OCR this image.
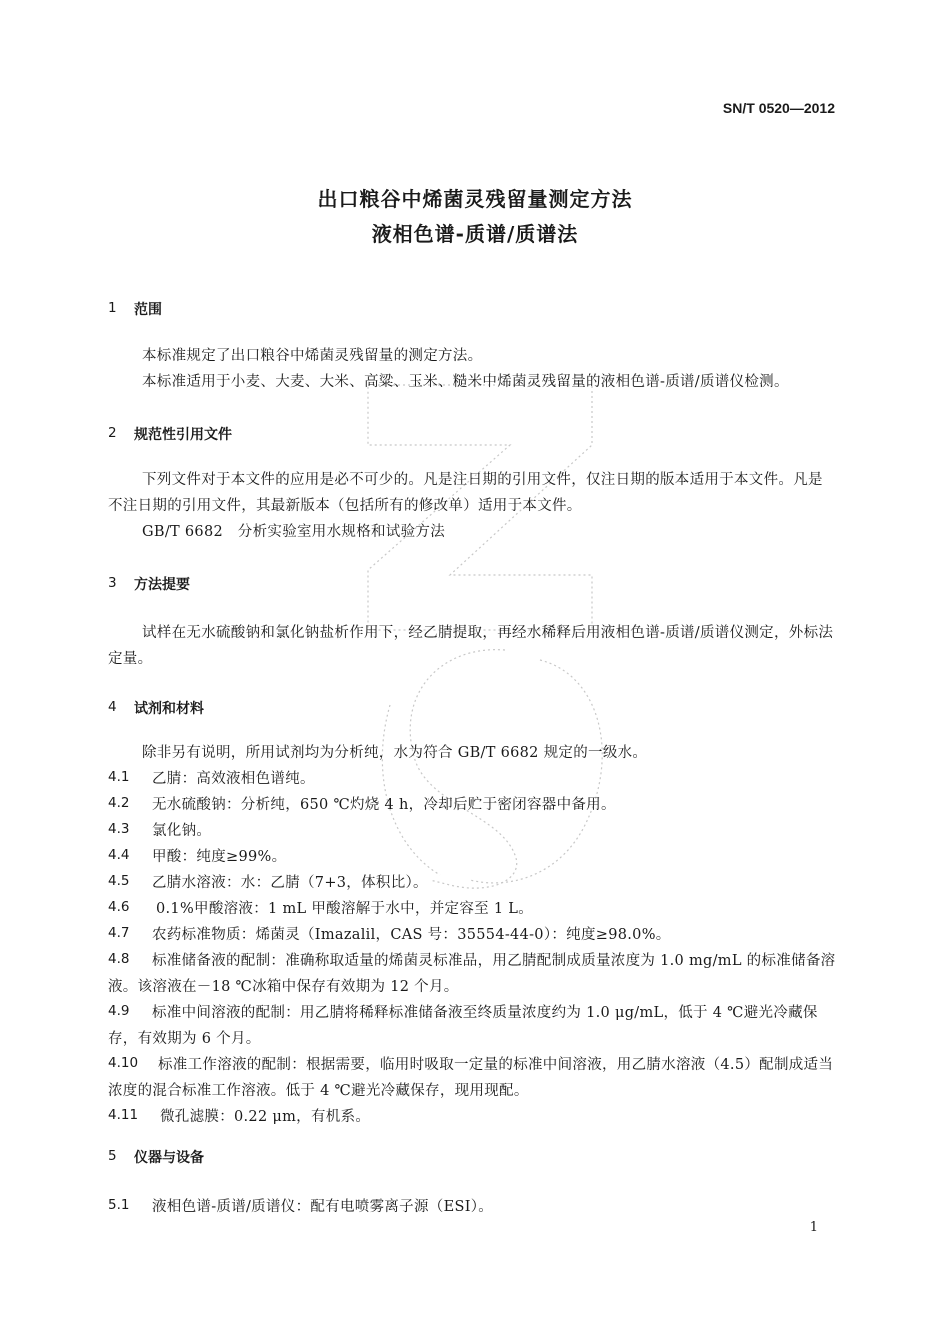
SN/T 0520—2012
出口粮谷中烯菌灵残留量测定方法
液相色谱-质谱/质谱法
1 范围
本标准规定了出口粮谷中烯菌灵残留量的测定方法。
本标准适用于小麦、大麦、大米、高粱、玉米、糙米中烯菌灵残留量的液相色谱-质谱/质谱仪检测。
2 规范性引用文件
下列文件对于本文件的应用是必不可少的。凡是注日期的引用文件，仅注日期的版本适用于本文件。凡是不注日期的引用文件，其最新版本（包括所有的修改单）适用于本文件。
GB/T 6682　分析实验室用水规格和试验方法
3 方法提要
试样在无水硫酸钠和氯化钠盐析作用下，经乙腈提取，再经水稀释后用液相色谱-质谱/质谱仪测定，外标法定量。
4 试剂和材料
除非另有说明，所用试剂均为分析纯，水为符合 GB/T 6682 规定的一级水。
4.1 乙腈：高效液相色谱纯。
4.2 无水硫酸钠：分析纯，650 ℃灼烧 4 h，冷却后贮于密闭容器中备用。
4.3 氯化钠。
4.4 甲酸：纯度≥99%。
4.5 乙腈水溶液：水：乙腈（7+3，体积比）。
4.6 0.1%甲酸溶液：1 mL 甲酸溶解于水中，并定容至 1 L。
4.7 农药标准物质：烯菌灵（Imazalil，CAS 号：35554-44-0）：纯度≥98.0%。
4.8	标准储备液的配制：准确称取适量的烯菌灵标准品，用乙腈配制成质量浓度为 1.0 mg/mL 的标准储备溶液。该溶液在－18 ℃冰箱中保存有效期为 12 个月。
4.9	标准中间溶液的配制：用乙腈将稀释标准储备液至终质量浓度约为 1.0 μg/mL，低于 4 ℃避光冷藏保存，有效期为 6 个月。
4.10	标准工作溶液的配制：根据需要，临用时吸取一定量的标准中间溶液，用乙腈水溶液（4.5）配制成适当浓度的混合标准工作溶液。低于 4 ℃避光冷藏保存，现用现配。
4.11 微孔滤膜：0.22 μm，有机系。
5 仪器与设备
5.1 液相色谱-质谱/质谱仪：配有电喷雾离子源（ESI）。
1
